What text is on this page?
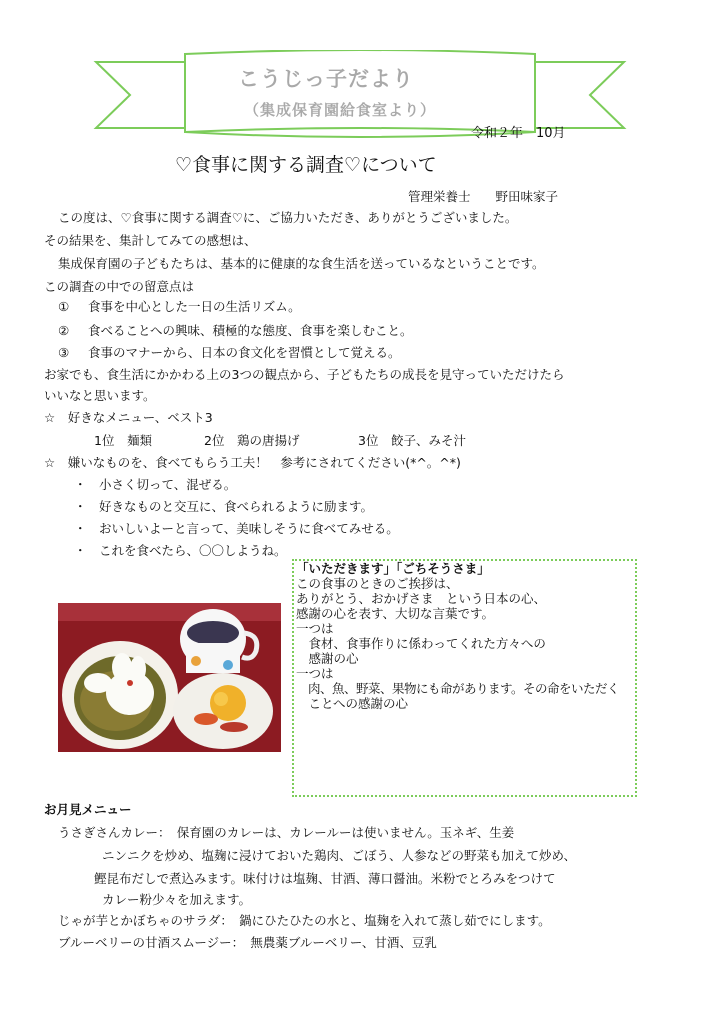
こうじっ子だより
（集成保育園給食室より）
令和２年　10月
♡食事に関する調査♡について
管理栄養士　　野田味家子
この度は、♡食事に関する調査♡に、ご協力いただき、ありがとうございました。
その結果を、集計してみての感想は、
集成保育園の子どもたちは、基本的に健康的な食生活を送っているなということです。
この調査の中での留意点は
① 食事を中心とした一日の生活リズム。
② 食べることへの興味、積極的な態度、食事を楽しむこと。
③ 食事のマナーから、日本の食文化を習慣として覚える。
お家でも、食生活にかかわる上の3つの観点から、子どもたちの成長を見守っていただけたら
いいなと思います。
☆　好きなメニュー、ベスト3
1位　麺類	2位　鶏の唐揚げ	3位　餃子、みそ汁
☆　嫌いなものを、食べてもらう工夫！　参考にされてください(*^。^*)
・　小さく切って、混ぜる。
・　好きなものと交互に、食べられるように励ます。
・　おいしいよーと言って、美味しそうに食べてみせる。
・　これを食べたら、〇〇しようね。
「いただきます」「ごちそうさま」
この食事のときのご挨拶は、
ありがとう、おかげさま　という日本の心、
感謝の心を表す、大切な言葉です。
一つは
　食材、食事作りに係わってくれた方々への
　感謝の心
一つは
　肉、魚、野菜、果物にも命があります。その命をいただく
　ことへの感謝の心
お月見メニュー
うさぎさんカレー：　保育園のカレーは、カレールーは使いません。玉ネギ、生姜
ニンニクを炒め、塩麹に浸けておいた鶏肉、ごぼう、人参などの野菜も加えて炒め、
鰹昆布だしで煮込みます。味付けは塩麹、甘酒、薄口醤油。米粉でとろみをつけて
カレー粉少々を加えます。
じゃが芋とかぼちゃのサラダ：　鍋にひたひたの水と、塩麹を入れて蒸し茹でにします。
ブルーベリーの甘酒スムージー：　無農薬ブルーベリー、甘酒、豆乳
